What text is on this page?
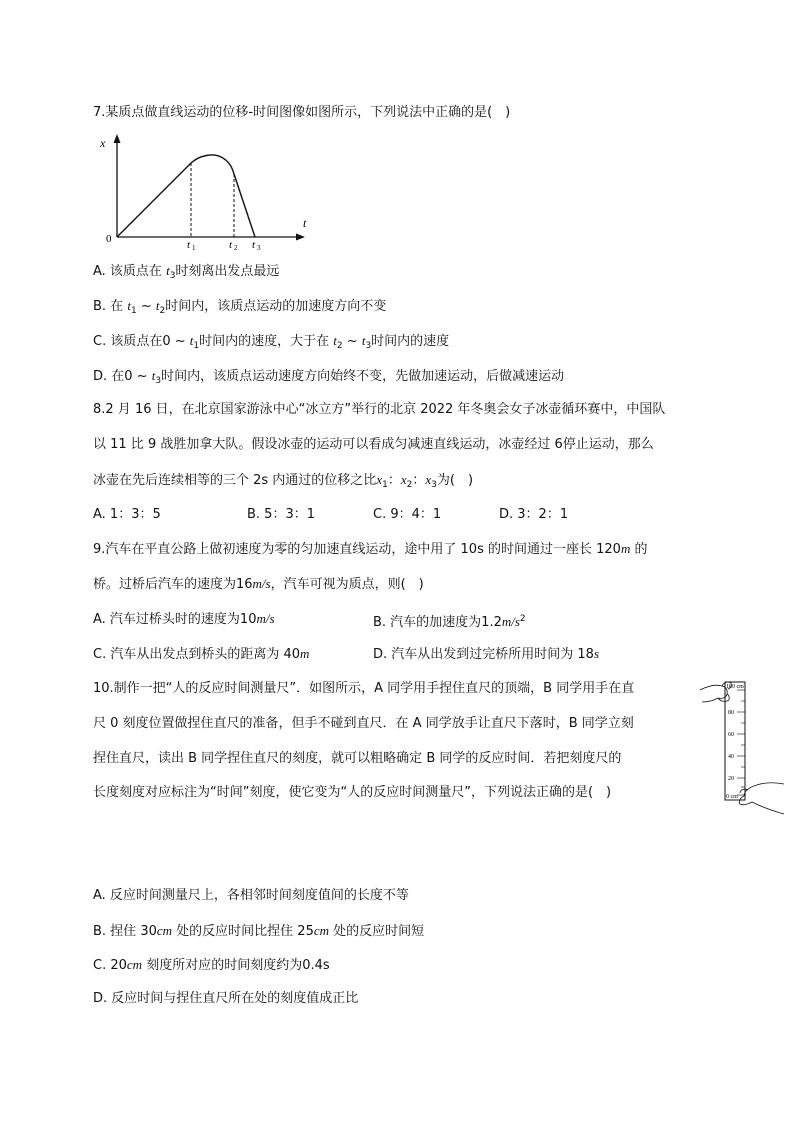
7.某质点做直线运动的位移-时间图像如图所示，下列说法中正确的是(　)
x
t
0	t 1	t 2 t 3
A. 该质点在 $t_3$时刻离出发点最远
B. 在 $t_1$ ~ $t_2$时间内，该质点运动的加速度方向不变
C. 该质点在0 ~ $t_1$时间内的速度，大于在 $t_2$ ~ $t_3$时间内的速度
D. 在0 ~ $t_3$时间内，该质点运动速度方向始终不变，先做加速运动，后做减速运动
8.2 月 16 日，在北京国家游泳中心“冰立方”举行的北京 2022 年冬奥会女子冰壶循环赛中，中国队
以 11 比 9 战胜加拿大队。假设冰壶的运动可以看成匀减速直线运动，冰壶经过 6停止运动，那么
冰壶在先后连续相等的三个 2s 内通过的位移之比$x_1$：$x_2$：$x_3$为(　)
A. 1：3：5	B. 5：3：1	C. 9：4：1	D. 3：2：1
9.汽车在平直公路上做初速度为零的匀加速直线运动，途中用了 10s 的时间通过一座长 120m 的
桥。过桥后汽车的速度为16m/s，汽车可视为质点，则(　)
A. 汽车过桥头时的速度为10m/s	B. 汽车的加速度为$1.2m/s^2$
C. 汽车从出发点到桥头的距离为 40m	D. 汽车从出发到过完桥所用时间为 18s
10.制作一把“人的反应时间测量尺”．如图所示，A 同学用手捏住直尺的顶端，B 同学用手在直
尺 0 刻度位置做捏住直尺的准备，但手不碰到直尺．在 A 同学放手让直尺下落时，B 同学立刻
捏住直尺，读出 B 同学捏住直尺的刻度，就可以粗略确定 B 同学的反应时间．若把刻度尺的
长度刻度对应标注为“时间”刻度，使它变为“人的反应时间测量尺”，下列说法正确的是(　)
100 cm
80
60
40
20
0 cm
A. 反应时间测量尺上，各相邻时间刻度值间的长度不等
B. 捏住 30cm 处的反应时间比捏住 25cm 处的反应时间短
C. 20cm 刻度所对应的时间刻度约为0.4s
D. 反应时间与捏住直尺所在处的刻度值成正比
